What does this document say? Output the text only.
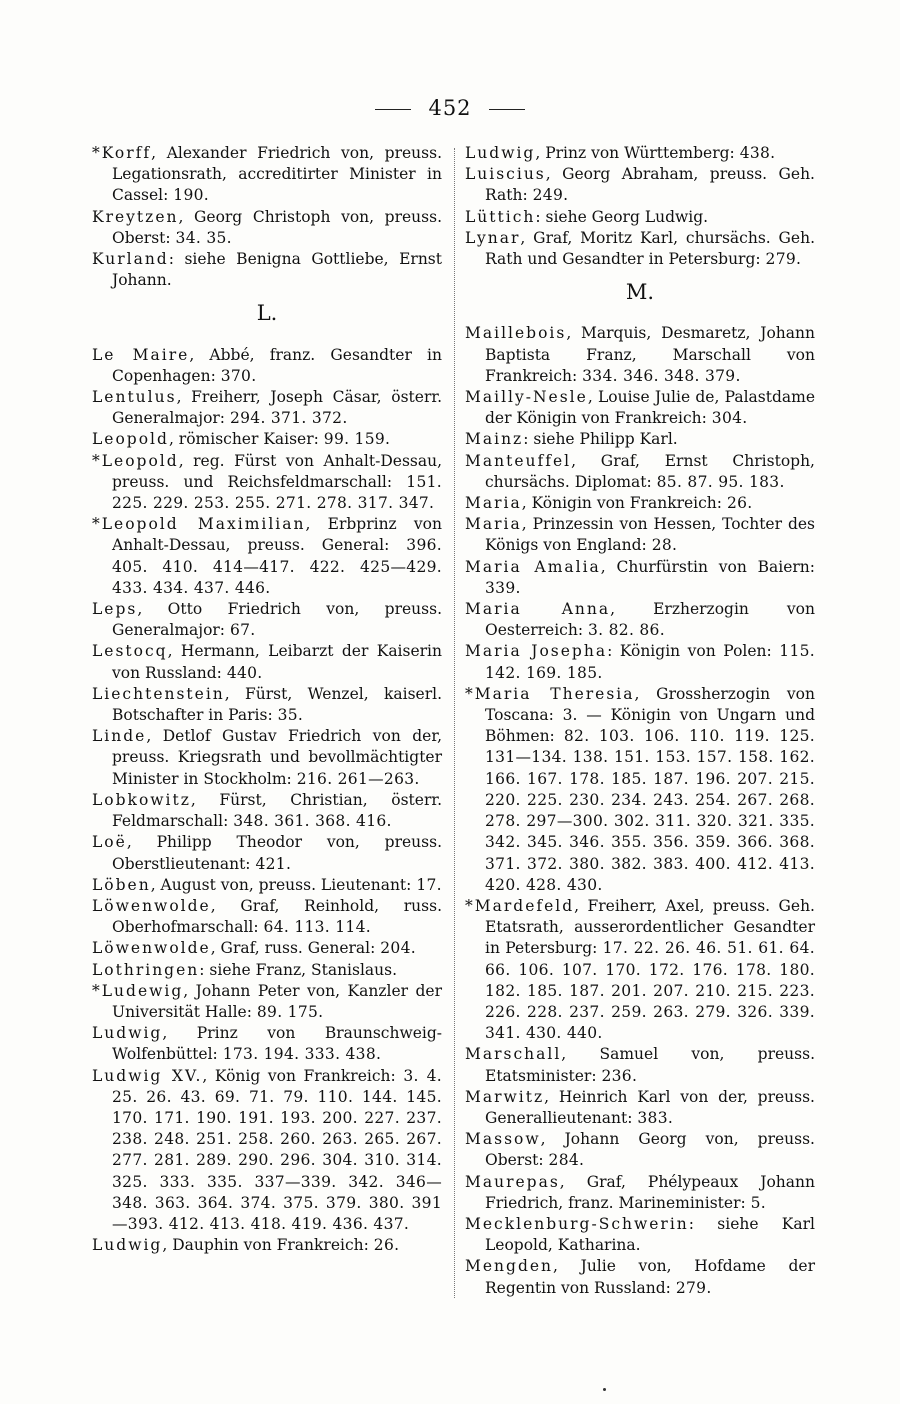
452

*Korff, Alexander Friedrich von, preuss. Legationsrath, accreditirter Minister in Cassel: 190.

Kreytzen, Georg Christoph von, preuss. Oberst: 34. 35.

Kurland: siehe Benigna Gottliebe, Ernst Johann.

L.

Le Maire, Abbé, franz. Gesandter in Copenhagen: 370.

Lentulus, Freiherr, Joseph Cäsar, österr. Generalmajor: 294. 371. 372.

Leopold, römischer Kaiser: 99. 159.

*Leopold, reg. Fürst von Anhalt-Dessau, preuss. und Reichsfeldmarschall: 151. 225. 229. 253. 255. 271. 278. 317. 347.

*Leopold Maximilian, Erbprinz von Anhalt-Dessau, preuss. General: 396. 405. 410. 414—417. 422. 425—429. 433. 434. 437. 446.

Leps, Otto Friedrich von, preuss. Generalmajor: 67.

Lestocq, Hermann, Leibarzt der Kaiserin von Russland: 440.

Liechtenstein, Fürst, Wenzel, kaiserl. Botschafter in Paris: 35.

Linde, Detlof Gustav Friedrich von der, preuss. Kriegsrath und bevollmächtigter Minister in Stockholm: 216. 261—263.

Lobkowitz, Fürst, Christian, österr. Feldmarschall: 348. 361. 368. 416.

Loë, Philipp Theodor von, preuss. Oberstlieutenant: 421.

Löben, August von, preuss. Lieutenant: 17.

Löwenwolde, Graf, Reinhold, russ. Oberhofmarschall: 64. 113. 114.

Löwenwolde, Graf, russ. General: 204.

Lothringen: siehe Franz, Stanislaus.

*Ludewig, Johann Peter von, Kanzler der Universität Halle: 89. 175.

Ludwig, Prinz von Braunschweig-Wolfenbüttel: 173. 194. 333. 438.

Ludwig XV., König von Frankreich: 3. 4. 25. 26. 43. 69. 71. 79. 110. 144. 145. 170. 171. 190. 191. 193. 200. 227. 237. 238. 248. 251. 258. 260. 263. 265. 267. 277. 281. 289. 290. 296. 304. 310. 314. 325. 333. 335. 337—339. 342. 346—348. 363. 364. 374. 375. 379. 380. 391—393. 412. 413. 418. 419. 436. 437.

Ludwig, Dauphin von Frankreich: 26.

Ludwig, Prinz von Württemberg: 438.

Luiscius, Georg Abraham, preuss. Geh. Rath: 249.

Lüttich: siehe Georg Ludwig.

Lynar, Graf, Moritz Karl, chursächs. Geh. Rath und Gesandter in Petersburg: 279.

M.

Maillebois, Marquis, Desmaretz, Johann Baptista Franz, Marschall von Frankreich: 334. 346. 348. 379.

Mailly-Nesle, Louise Julie de, Palastdame der Königin von Frankreich: 304.

Mainz: siehe Philipp Karl.

Manteuffel, Graf, Ernst Christoph, chursächs. Diplomat: 85. 87. 95. 183.

Maria, Königin von Frankreich: 26.

Maria, Prinzessin von Hessen, Tochter des Königs von England: 28.

Maria Amalia, Churfürstin von Baiern: 339.

Maria Anna, Erzherzogin von Oesterreich: 3. 82. 86.

Maria Josepha: Königin von Polen: 115. 142. 169. 185.

*Maria Theresia, Grossherzogin von Toscana: 3. — Königin von Ungarn und Böhmen: 82. 103. 106. 110. 119. 125. 131—134. 138. 151. 153. 157. 158. 162. 166. 167. 178. 185. 187. 196. 207. 215. 220. 225. 230. 234. 243. 254. 267. 268. 278. 297—300. 302. 311. 320. 321. 335. 342. 345. 346. 355. 356. 359. 366. 368. 371. 372. 380. 382. 383. 400. 412. 413. 420. 428. 430.

*Mardefeld, Freiherr, Axel, preuss. Geh. Etatsrath, ausserordentlicher Gesandter in Petersburg: 17. 22. 26. 46. 51. 61. 64. 66. 106. 107. 170. 172. 176. 178. 180. 182. 185. 187. 201. 207. 210. 215. 223. 226. 228. 237. 259. 263. 279. 326. 339. 341. 430. 440.

Marschall, Samuel von, preuss. Etatsminister: 236.

Marwitz, Heinrich Karl von der, preuss. Generallieutenant: 383.

Massow, Johann Georg von, preuss. Oberst: 284.

Maurepas, Graf, Phélypeaux Johann Friedrich, franz. Marineminister: 5.

Mecklenburg-Schwerin: siehe Karl Leopold, Katharina.

Mengden, Julie von, Hofdame der Regentin von Russland: 279.
